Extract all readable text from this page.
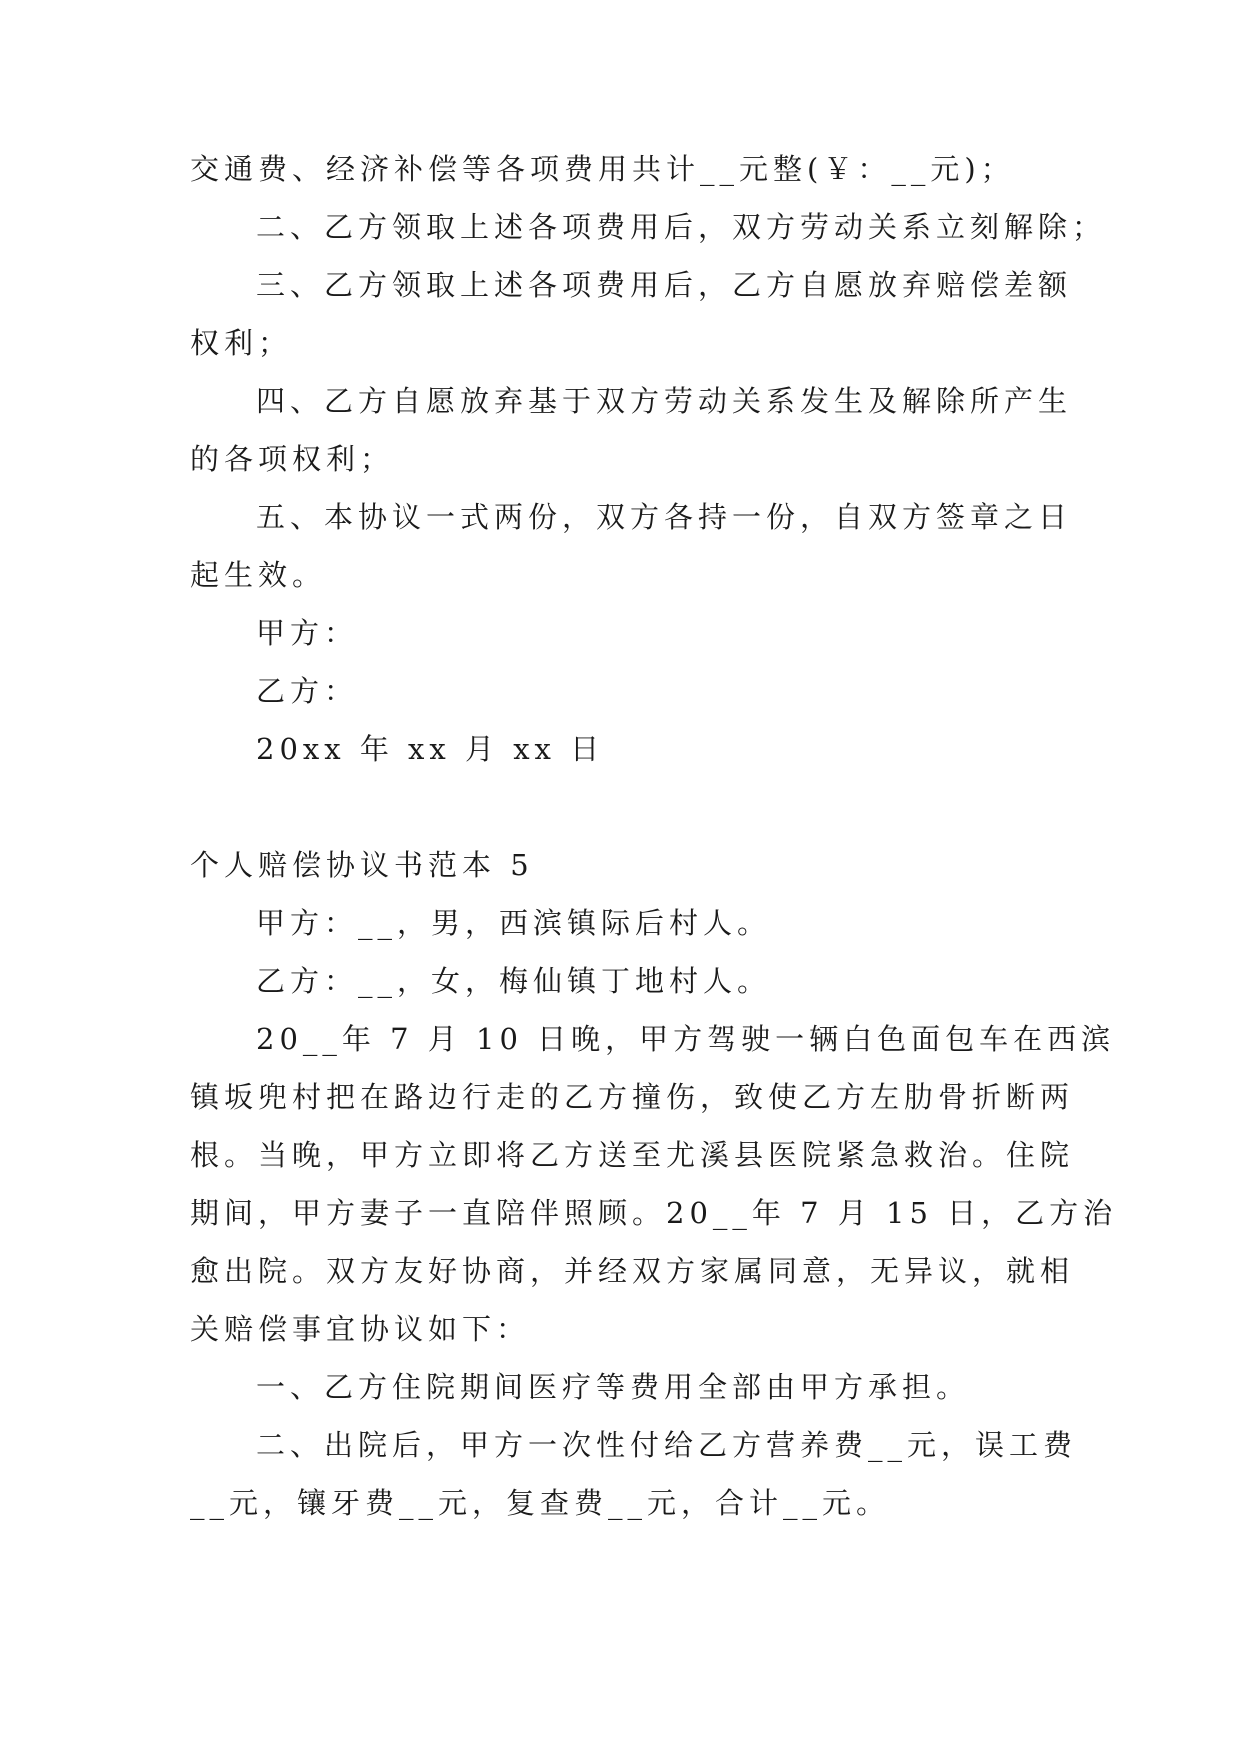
交通费、经济补偿等各项费用共计__元整(￥：__元)；
二、乙方领取上述各项费用后，双方劳动关系立刻解除；
三、乙方领取上述各项费用后，乙方自愿放弃赔偿差额
权利；
四、乙方自愿放弃基于双方劳动关系发生及解除所产生
的各项权利；
五、本协议一式两份，双方各持一份，自双方签章之日
起生效。
甲方：
乙方：
20xx 年 xx 月 xx 日
个人赔偿协议书范本 5
甲方：__，男，西滨镇际后村人。
乙方：__，女，梅仙镇丁地村人。
20__年 7 月 10 日晚，甲方驾驶一辆白色面包车在西滨
镇坂兜村把在路边行走的乙方撞伤，致使乙方左肋骨折断两
根。当晚，甲方立即将乙方送至尤溪县医院紧急救治。住院
期间，甲方妻子一直陪伴照顾。20__年 7 月 15 日，乙方治
愈出院。双方友好协商，并经双方家属同意，无异议，就相
关赔偿事宜协议如下：
一、乙方住院期间医疗等费用全部由甲方承担。
二、出院后，甲方一次性付给乙方营养费__元，误工费
__元，镶牙费__元，复查费__元，合计__元。
